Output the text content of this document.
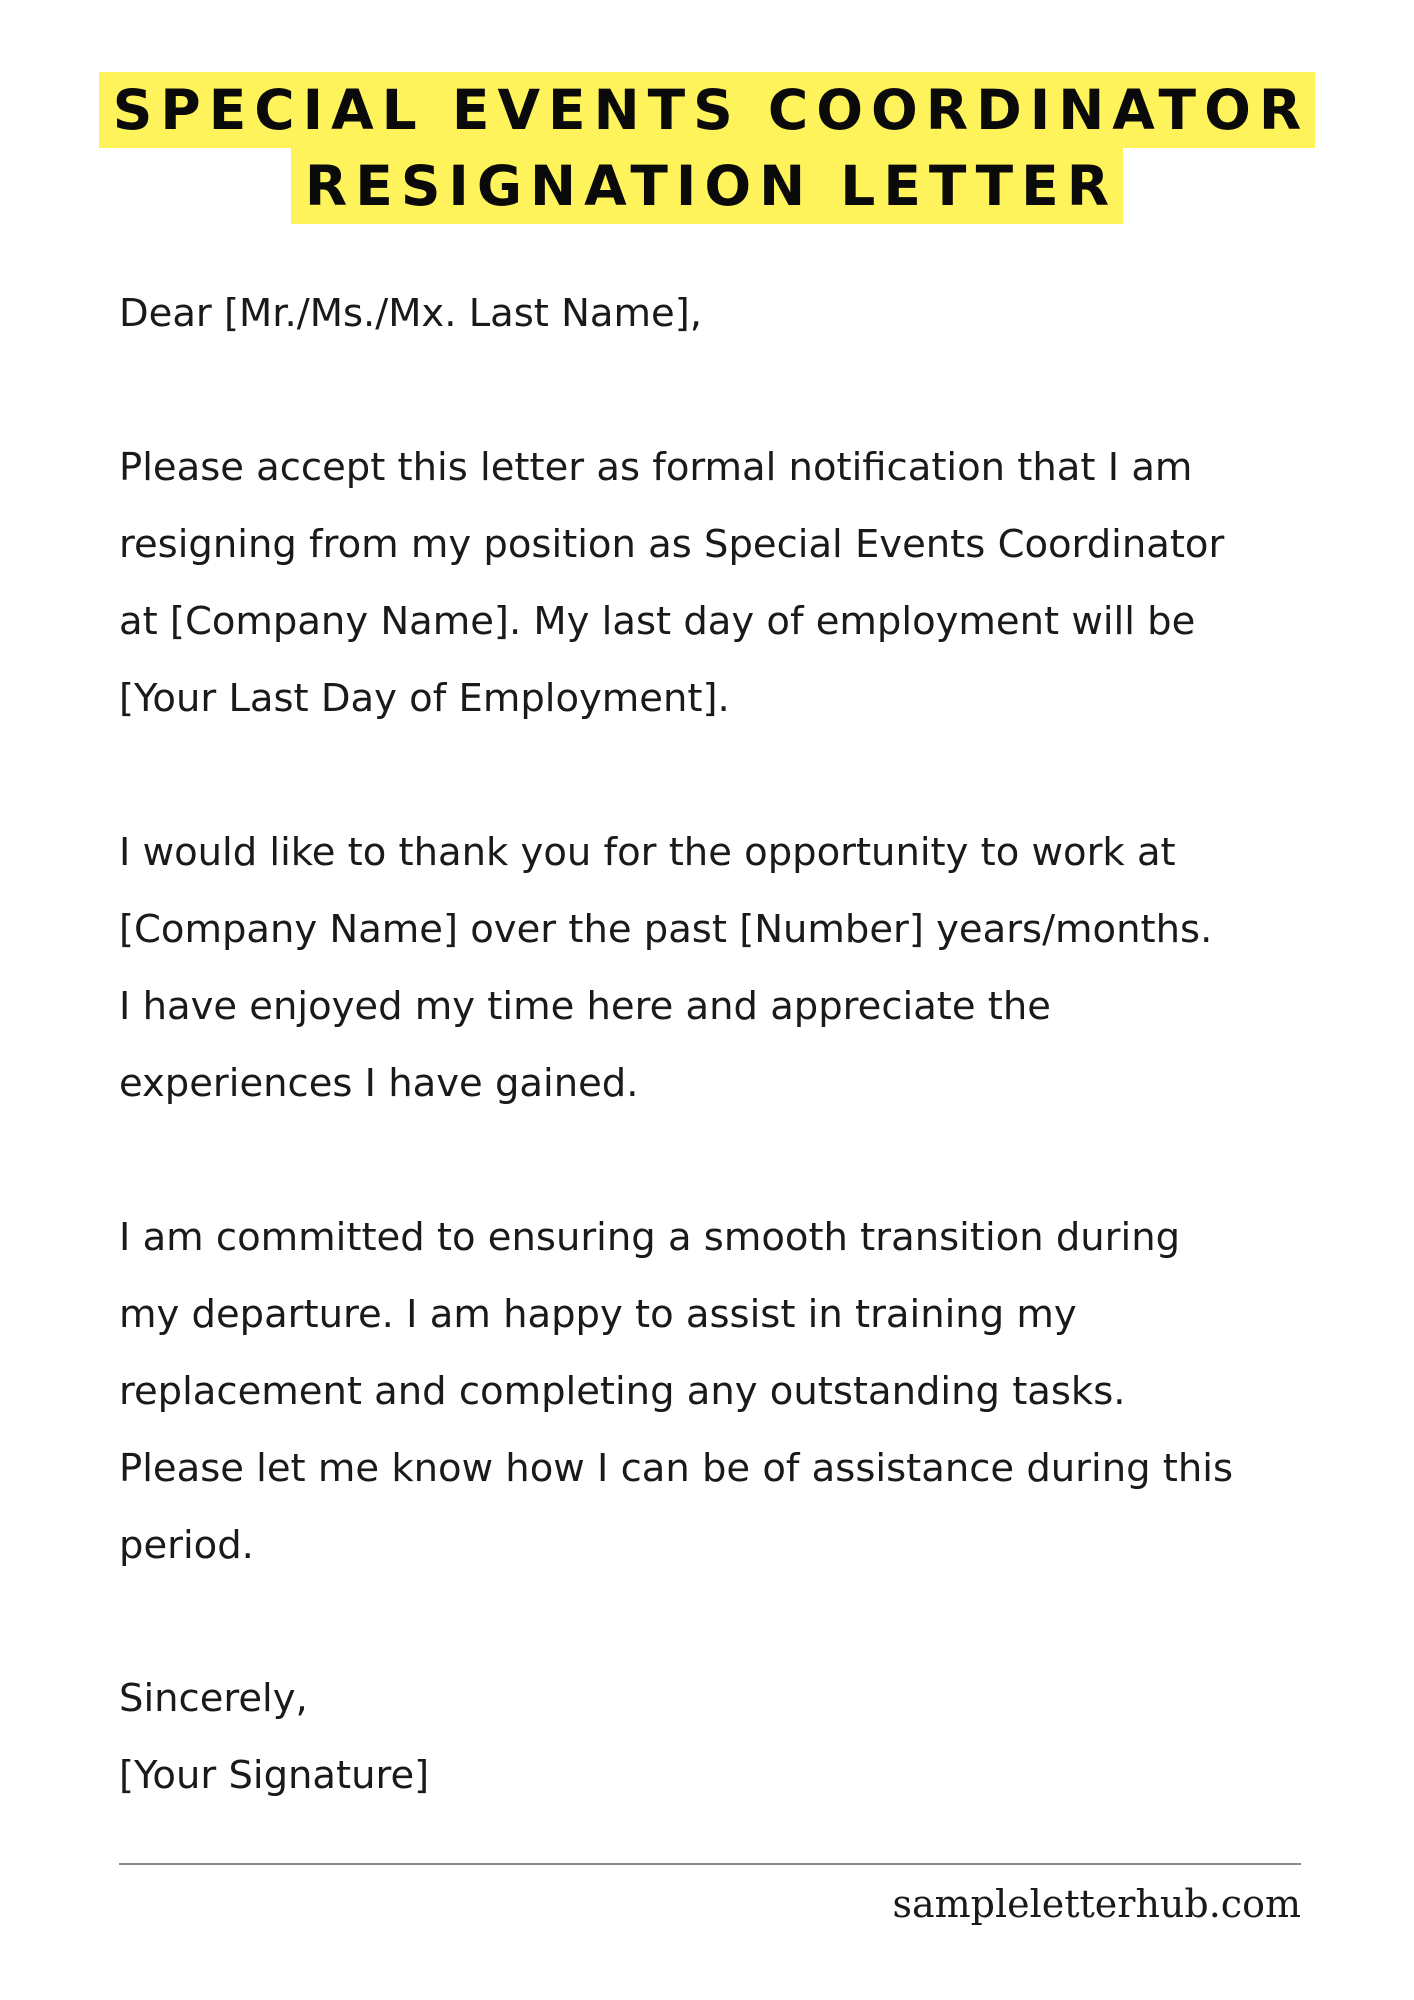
SPECIAL EVENTS COORDINATOR
RESIGNATION LETTER

Dear [Mr./Ms./Mx. Last Name],

Please accept this letter as formal notification that I am
resigning from my position as Special Events Coordinator
at [Company Name]. My last day of employment will be
[Your Last Day of Employment].

I would like to thank you for the opportunity to work at
[Company Name] over the past [Number] years/months.
I have enjoyed my time here and appreciate the
experiences I have gained.

I am committed to ensuring a smooth transition during
my departure. I am happy to assist in training my
replacement and completing any outstanding tasks.
Please let me know how I can be of assistance during this
period.

Sincerely,

[Your Signature]

sampleletterhub.com
